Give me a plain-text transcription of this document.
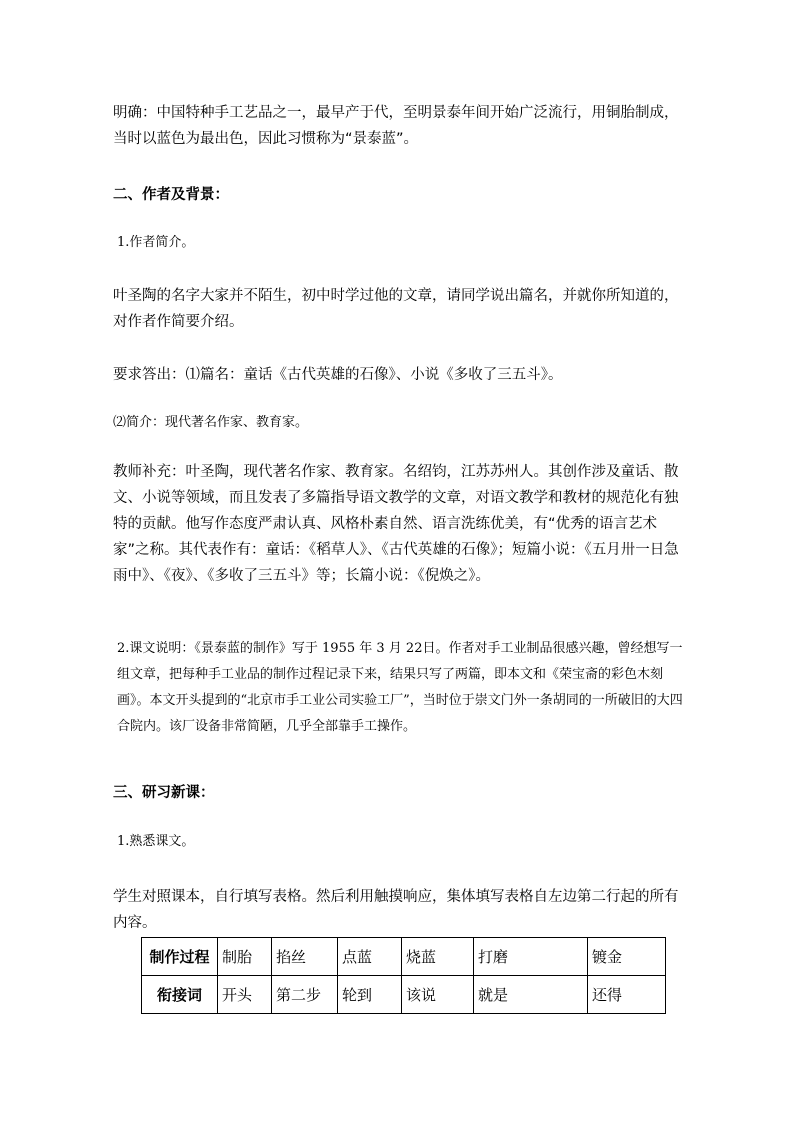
明确：中国特种手工艺品之一，最早产于代，至明景泰年间开始广泛流行，用铜胎制成，当时以蓝色为最出色，因此习惯称为“景泰蓝”。

二、作者及背景：

1.作者简介。

叶圣陶的名字大家并不陌生，初中时学过他的文章，请同学说出篇名，并就你所知道的，对作者作简要介绍。

要求答出：⑴篇名：童话《古代英雄的石像》、小说《多收了三五斗》。

⑵简介：现代著名作家、教育家。

教师补充：叶圣陶，现代著名作家、教育家。名绍钧，江苏苏州人。其创作涉及童话、散文、小说等领域，而且发表了多篇指导语文教学的文章，对语文教学和教材的规范化有独特的贡献。他写作态度严肃认真、风格朴素自然、语言洗练优美，有“优秀的语言艺术家”之称。其代表作有：童话：《稻草人》、《古代英雄的石像》；短篇小说：《五月卅一日急雨中》、《夜》、《多收了三五斗》等；长篇小说：《倪焕之》。

2.课文说明：《景泰蓝的制作》写于 1955 年 3 月 22日。作者对手工业制品很感兴趣，曾经想写一组文章，把每种手工业品的制作过程记录下来，结果只写了两篇，即本文和《荣宝斋的彩色木刻画》。本文开头提到的“北京市手工业公司实验工厂”，当时位于崇文门外一条胡同的一所破旧的大四合院内。该厂设备非常简陋，几乎全部靠手工操作。

三、研习新课：

1.熟悉课文。

学生对照课本，自行填写表格。然后利用触摸响应，集体填写表格自左边第二行起的所有内容。

制作过程	制胎	掐丝	点蓝	烧蓝	打磨	镀金
衔接词	开头	第二步	轮到	该说	就是	还得
